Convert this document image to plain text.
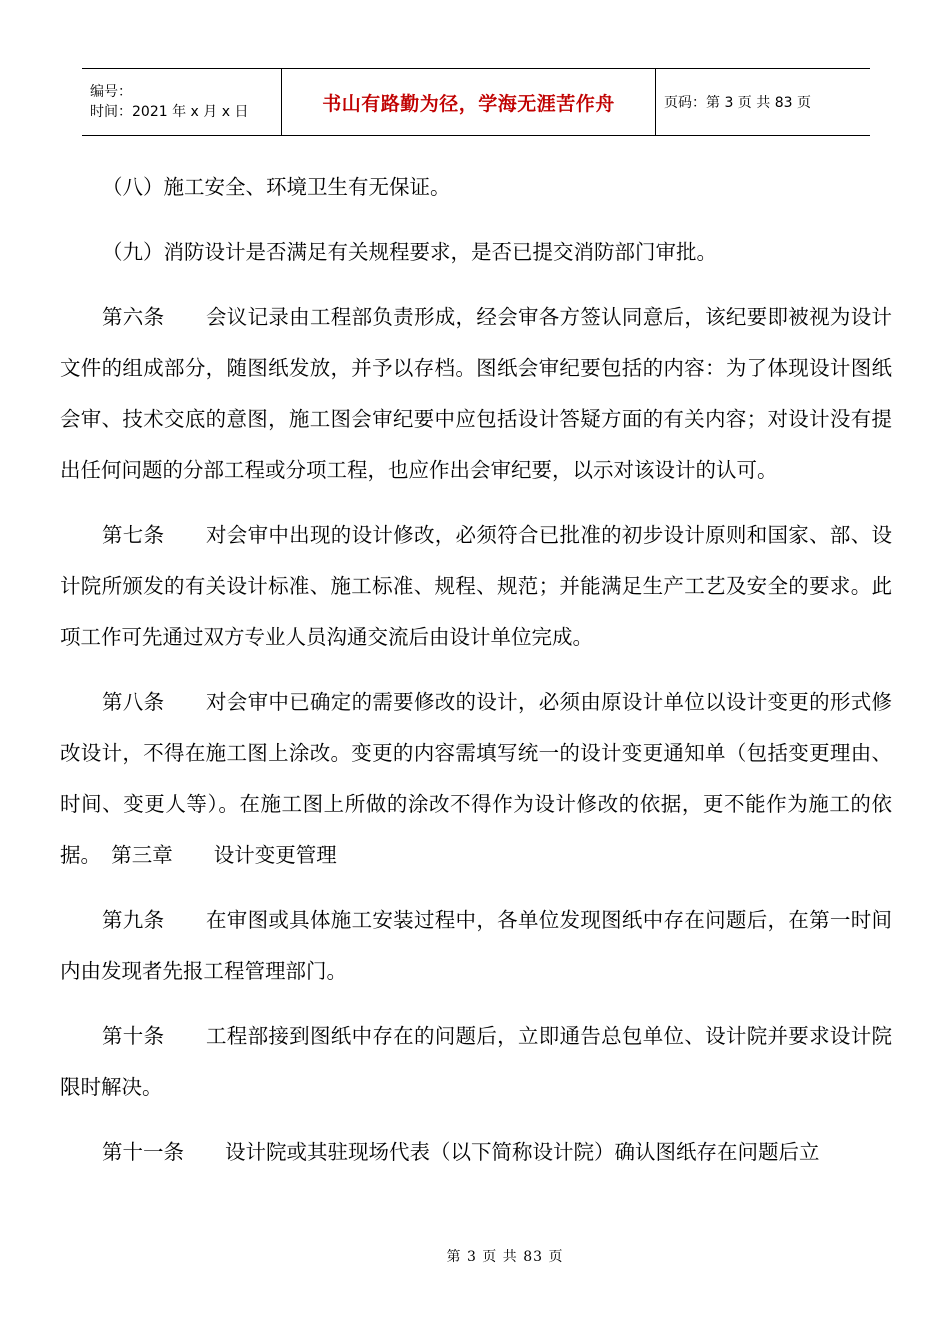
编号：
时间：2021 年 x 月 x 日	书山有路勤为径，学海无涯苦作舟	页码：第 3 页 共 83 页

（八）施工安全、环境卫生有无保证。

（九）消防设计是否满足有关规程要求，是否已提交消防部门审批。

第六条　　会议记录由工程部负责形成，经会审各方签认同意后，该纪要即被视为设计文件的组成部分，随图纸发放，并予以存档。图纸会审纪要包括的内容：为了体现设计图纸会审、技术交底的意图，施工图会审纪要中应包括设计答疑方面的有关内容；对设计没有提出任何问题的分部工程或分项工程，也应作出会审纪要，以示对该设计的认可。

第七条　　对会审中出现的设计修改，必须符合已批准的初步设计原则和国家、部、设计院所颁发的有关设计标准、施工标准、规程、规范；并能满足生产工艺及安全的要求。此项工作可先通过双方专业人员沟通交流后由设计单位完成。

第八条　　对会审中已确定的需要修改的设计，必须由原设计单位以设计变更的形式修改设计，不得在施工图上涂改。变更的内容需填写统一的设计变更通知单（包括变更理由、时间、变更人等）。在施工图上所做的涂改不得作为设计修改的依据，更不能作为施工的依据。　第三章　　设计变更管理

第九条　　在审图或具体施工安装过程中，各单位发现图纸中存在问题后，在第一时间内由发现者先报工程管理部门。

第十条　　工程部接到图纸中存在的问题后，立即通告总包单位、设计院并要求设计院限时解决。

第十一条　　设计院或其驻现场代表（以下简称设计院）确认图纸存在问题后立

第 3 页 共 83 页
